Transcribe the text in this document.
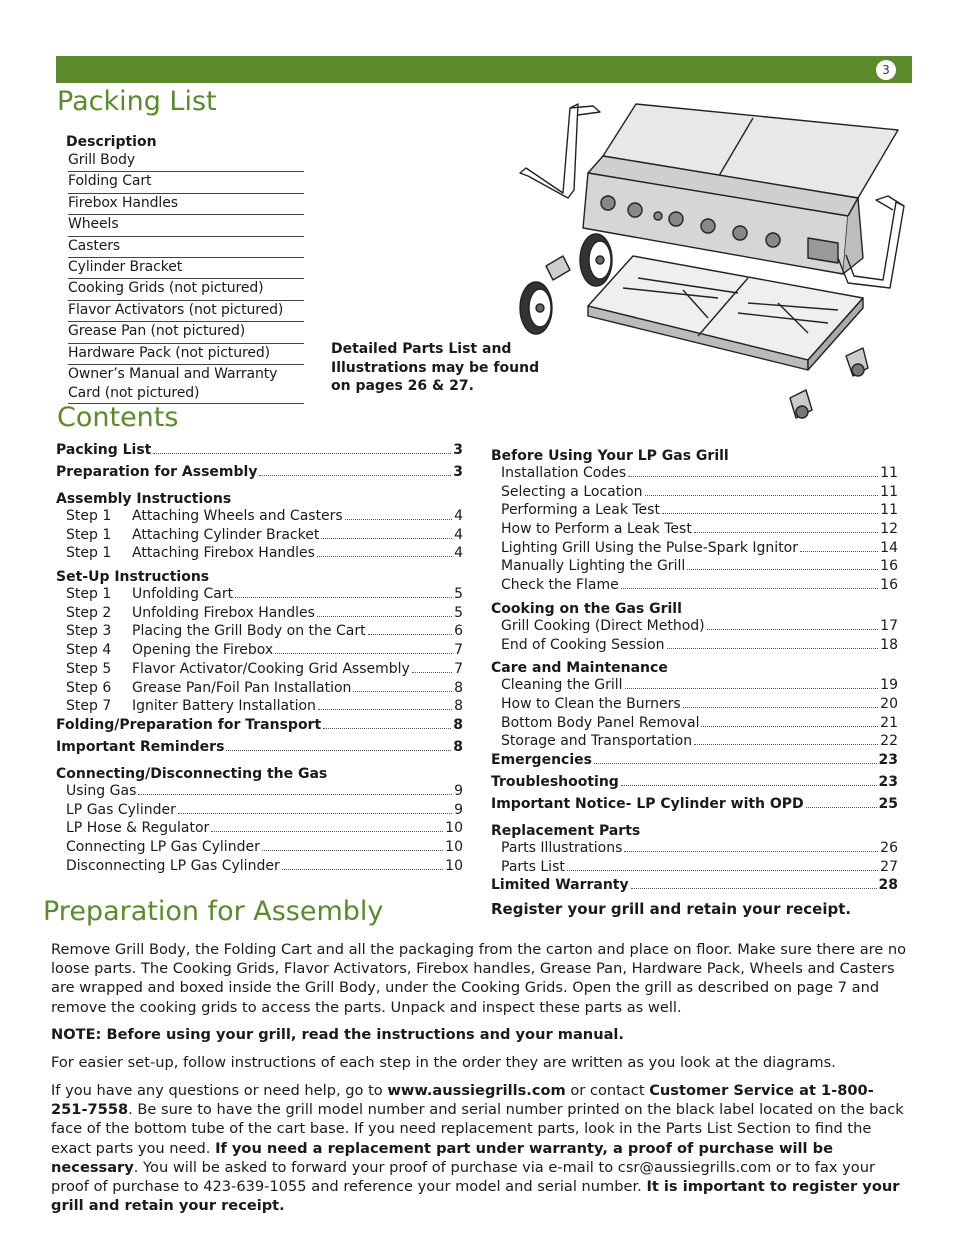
3
Packing List
Description
Grill Body
Folding Cart
Firebox Handles
Wheels
Casters
Cylinder Bracket
Cooking Grids (not pictured)
Flavor Activators (not pictured)
Grease Pan (not pictured)
Hardware Pack (not pictured)
Owner’s Manual and Warranty Card (not pictured)
Detailed Parts List and Illustrations may be found on pages 26 & 27.
Contents
Packing List	3
Preparation for Assembly	3
Assembly Instructions
Step 1 Attaching Wheels and Casters	4
Step 1 Attaching Cylinder Bracket	4
Step 1 Attaching Firebox Handles	4
Set-Up Instructions
Step 1 Unfolding Cart	5
Step 2 Unfolding Firebox Handles	5
Step 3 Placing the Grill Body on the Cart	6
Step 4 Opening the Firebox	7
Step 5 Flavor Activator/Cooking Grid Assembly	7
Step 6 Grease Pan/Foil Pan Installation	8
Step 7 Igniter Battery Installation	8
Folding/Preparation for Transport	8
Important Reminders	8
Connecting/Disconnecting the Gas
Using Gas	9
LP Gas Cylinder	9
LP Hose & Regulator	10
Connecting LP Gas Cylinder	10
Disconnecting LP Gas Cylinder	10
Before Using Your LP Gas Grill
Installation Codes	11
Selecting a Location	11
Performing a Leak Test	11
How to Perform a Leak Test	12
Lighting Grill Using the Pulse-Spark Ignitor	14
Manually Lighting the Grill	16
Check the Flame	16
Cooking on the Gas Grill
Grill Cooking (Direct Method)	17
End of Cooking Session	18
Care and Maintenance
Cleaning the Grill	19
How to Clean the Burners	20
Bottom Body Panel Removal	21
Storage and Transportation	22
Emergencies	23
Troubleshooting	23
Important Notice- LP Cylinder with OPD	25
Replacement Parts
Parts Illustrations	26
Parts List	27
Limited Warranty	28
Register your grill and retain your receipt.
Preparation for Assembly

Remove Grill Body, the Folding Cart and all the packaging from the carton and place on floor. Make sure there are no loose parts. The Cooking Grids, Flavor Activators, Firebox handles, Grease Pan, Hardware Pack, Wheels and Casters are wrapped and boxed inside the Grill Body, under the Cooking Grids. Open the grill as described on page 7 and remove the cooking grids to access the parts. Unpack and inspect these parts as well.

NOTE: Before using your grill, read the instructions and your manual.

For easier set-up, follow instructions of each step in the order they are written as you look at the diagrams.

If you have any questions or need help, go to www.aussiegrills.com or contact Customer Service at 1-800-251-7558. Be sure to have the grill model number and serial number printed on the black label located on the back face of the bottom tube of the cart base. If you need replacement parts, look in the Parts List Section to find the exact parts you need. If you need a replacement part under warranty, a proof of purchase will be necessary. You will be asked to forward your proof of purchase via e-mail to csr@aussiegrills.com or to fax your proof of purchase to 423-639-1055 and reference your model and serial number. It is important to register your grill and retain your receipt.
